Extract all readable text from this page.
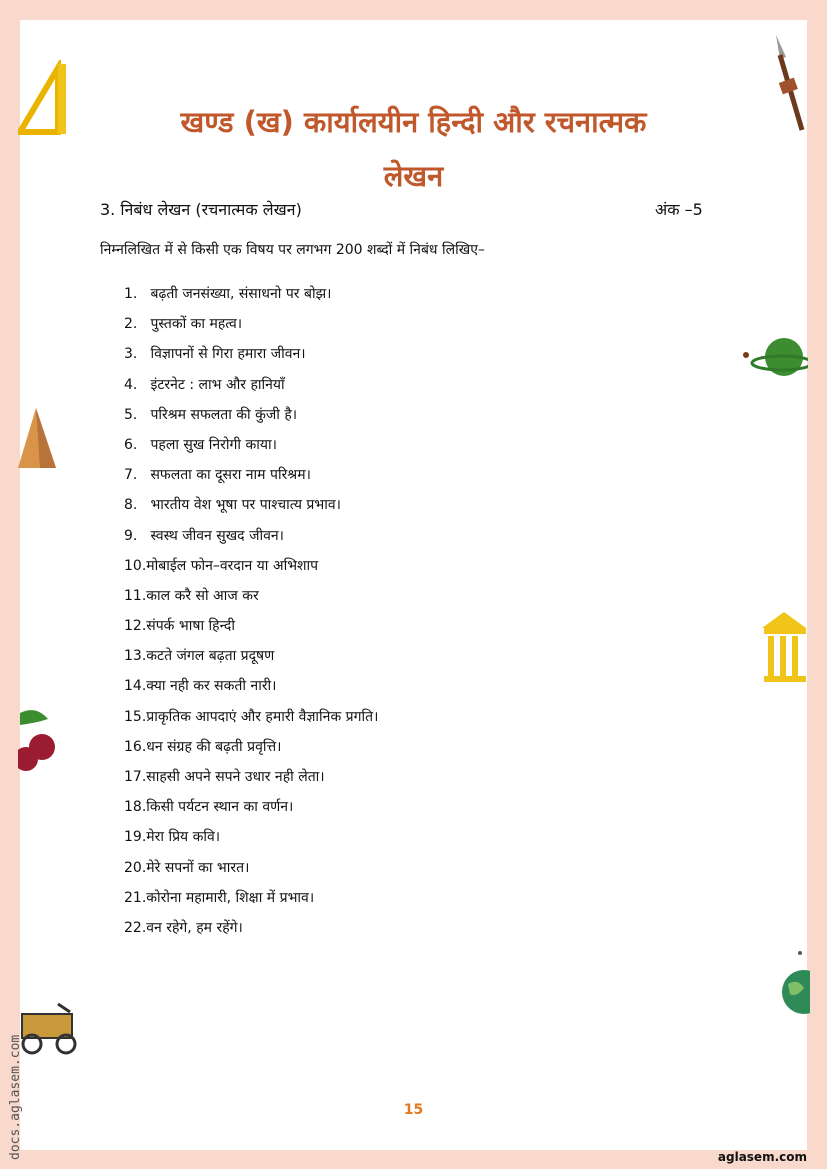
खण्ड (ख) कार्यालयीन हिन्दी और रचनात्मक
लेखन
3. निबंध लेखन (रचनात्मक लेखन)	अंक –5
निम्नलिखित में से किसी एक विषय पर लगभग 200 शब्दों में निबंध लिखिए–
1. बढ़ती जनसंख्या, संसाधनो पर बोझ।
2. पुस्तकों का महत्व।
3. विज्ञापनों से गिरा हमारा जीवन।
4. इंटरनेट : लाभ और हानियाँ
5. परिश्रम सफलता की कुंजी है।
6. पहला सुख निरोगी काया।
7. सफलता का दूसरा नाम परिश्रम।
8. भारतीय वेश भूषा पर पाश्चात्य प्रभाव।
9. स्वस्थ जीवन सुखद जीवन।
10.मोबाईल फोन–वरदान या अभिशाप
11.काल करै सो आज कर
12.संपर्क भाषा हिन्दी
13.कटते जंगल बढ़ता प्रदूषण
14.क्या नही कर सकती नारी।
15.प्राकृतिक आपदाएं और हमारी वैज्ञानिक प्रगति।
16.धन संग्रह की बढ़ती प्रवृत्ति।
17.साहसी अपने सपने उधार नही लेता।
18.किसी पर्यटन स्थान का वर्णन।
19.मेरा प्रिय कवि।
20.मेरे सपनों का भारत।
21.कोरोना महामारी, शिक्षा में प्रभाव।
22.वन रहेगे, हम रहेंगे।
15
aglasem.com
docs.aglasem.com
